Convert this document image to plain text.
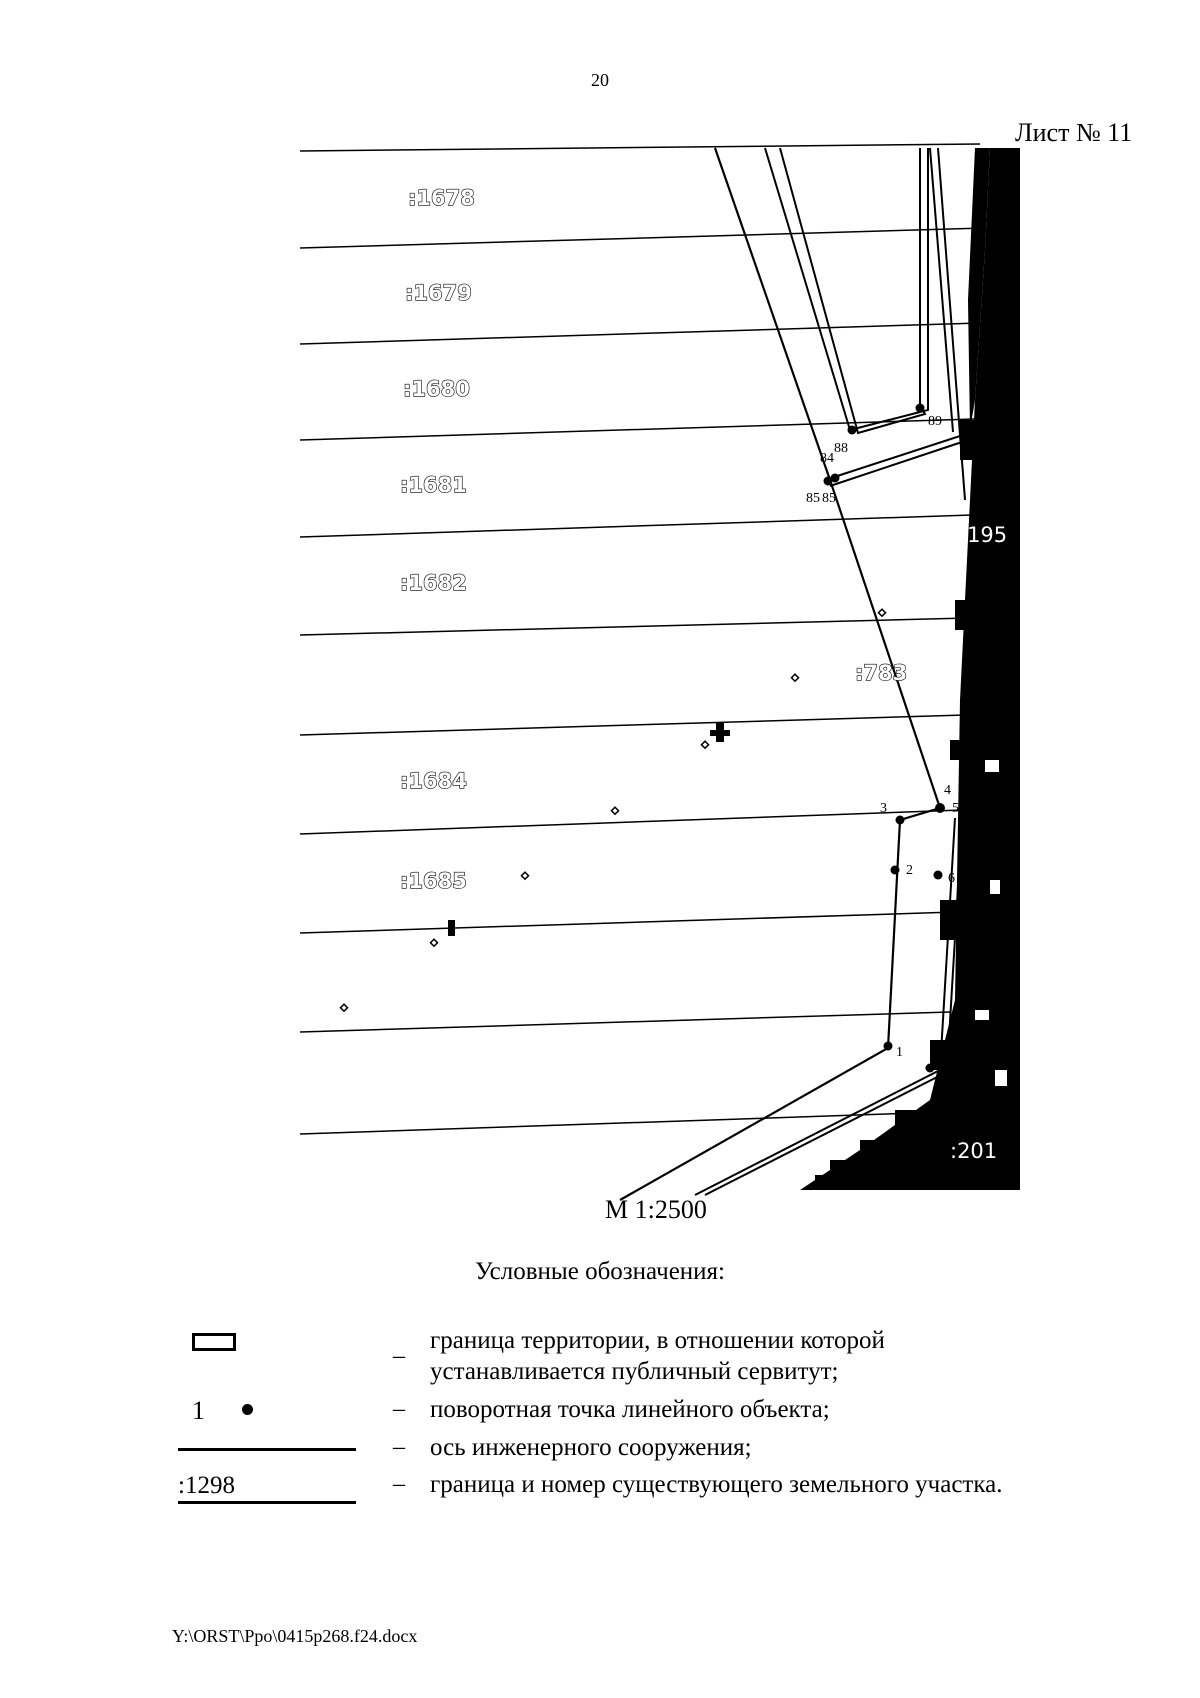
20
Лист № 11
:1678
:1679
:1680
:1681
:1682
:783
:1684
:1685
:195
:201
89
88
84	82
85 85
4
3	5
2
6
1
7
М 1:2500
Условные обозначения:
_ граница территории, в отношении которой
устанавливается публичный сервитут;
1	– поворотная точка линейного объекта;
– ось инженерного сооружения;
:1298	– граница и номер существующего земельного участка.
Y:\ORST\Ppo\0415p268.f24.docx
